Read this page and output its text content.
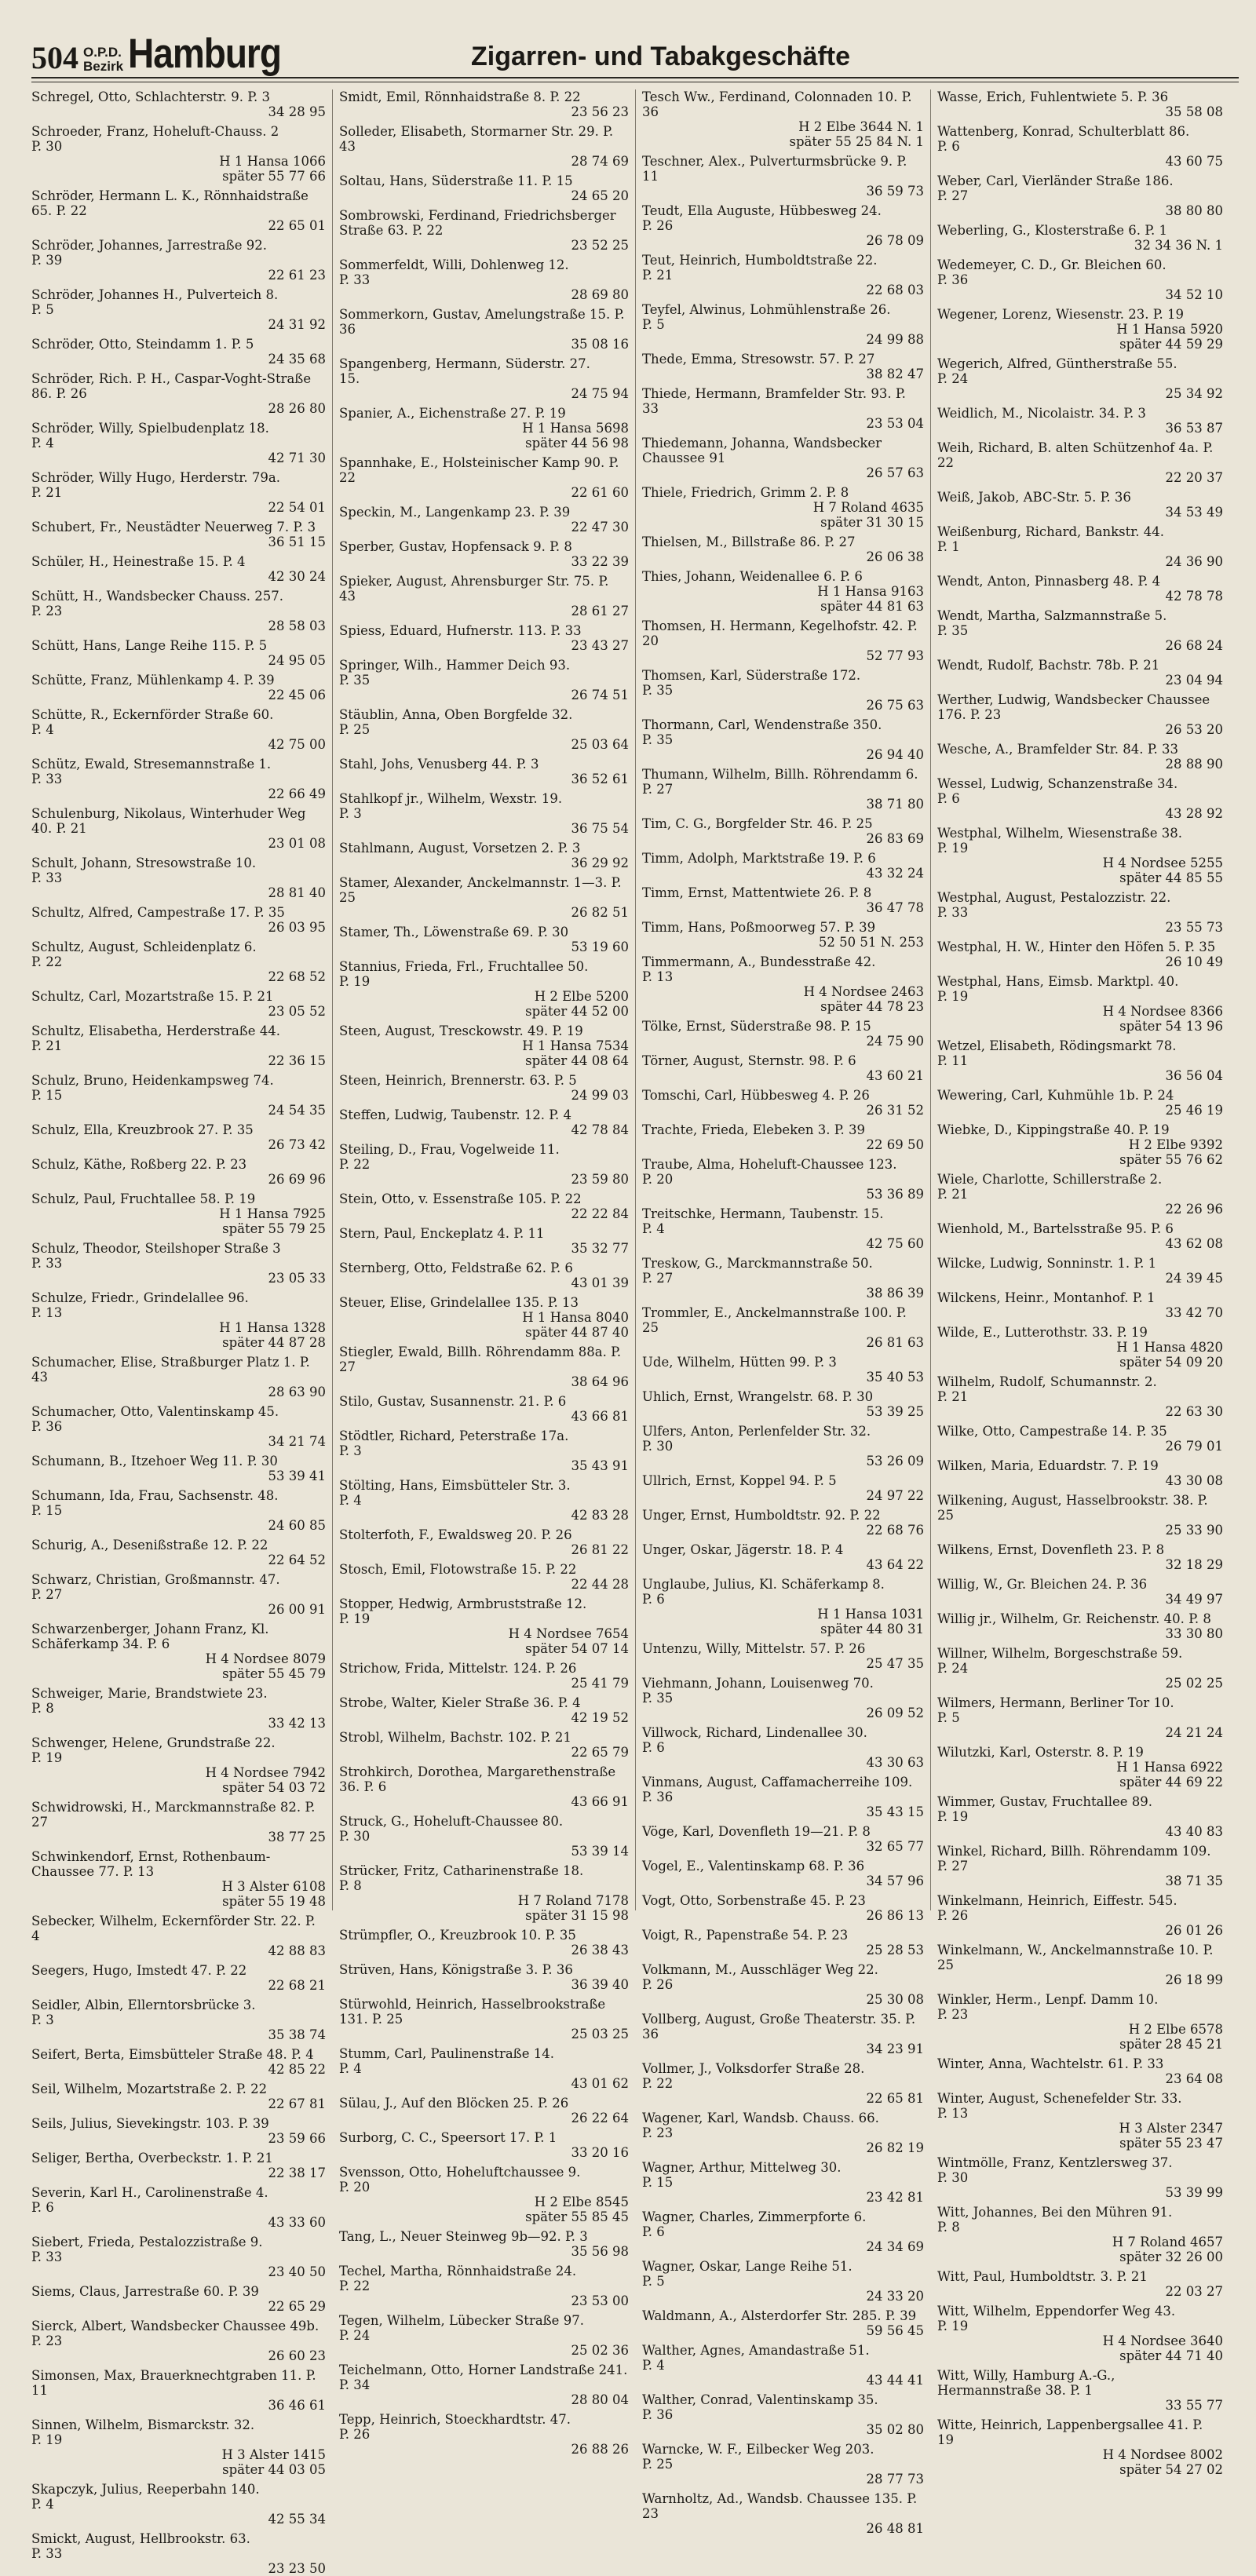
504 O.P.D.
Bezirk Hamburg	Zigarren- und Tabakgeschäfte
Schregel, Otto, Schlachterstr. 9. P. 3
34 28 95
Schroeder, Franz, Hoheluft-Chauss. 2
P. 30
H 1 Hansa 1066
später 55 77 66
Schröder, Hermann L. K., Rönnhaidstraße 65. P. 22
22 65 01
Schröder, Johannes, Jarrestraße 92.
P. 39
22 61 23
Schröder, Johannes H., Pulverteich 8.
P. 5
24 31 92
Schröder, Otto, Steindamm 1. P. 5
24 35 68
Schröder, Rich. P. H., Caspar-Voght-Straße 86. P. 26
28 26 80
Schröder, Willy, Spielbudenplatz 18.
P. 4
42 71 30
Schröder, Willy Hugo, Herderstr. 79a.
P. 21
22 54 01
Schubert, Fr., Neustädter Neuerweg 7. P. 3
36 51 15
Schüler, H., Heinestraße 15. P. 4
42 30 24
Schütt, H., Wandsbecker Chauss. 257.
P. 23
28 58 03
Schütt, Hans, Lange Reihe 115. P. 5
24 95 05
Schütte, Franz, Mühlenkamp 4. P. 39
22 45 06
Schütte, R., Eckernförder Straße 60.
P. 4
42 75 00
Schütz, Ewald, Stresemannstraße 1.
P. 33
22 66 49
Schulenburg, Nikolaus, Winterhuder Weg 40. P. 21
23 01 08
Schult, Johann, Stresowstraße 10.
P. 33
28 81 40
Schultz, Alfred, Campestraße 17. P. 35
26 03 95
Schultz, August, Schleidenplatz 6.
P. 22
22 68 52
Schultz, Carl, Mozartstraße 15. P. 21
23 05 52
Schultz, Elisabetha, Herderstraße 44.
P. 21
22 36 15
Schulz, Bruno, Heidenkampsweg 74.
P. 15
24 54 35
Schulz, Ella, Kreuzbrook 27. P. 35
26 73 42
Schulz, Käthe, Roßberg 22. P. 23
26 69 96
Schulz, Paul, Fruchtallee 58. P. 19
H 1 Hansa 7925
später 55 79 25
Schulz, Theodor, Steilshoper Straße 3
P. 33
23 05 33
Schulze, Friedr., Grindelallee 96.
P. 13
H 1 Hansa 1328
später 44 87 28
Schumacher, Elise, Straßburger Platz 1. P. 43
28 63 90
Schumacher, Otto, Valentinskamp 45.
P. 36
34 21 74
Schumann, B., Itzehoer Weg 11. P. 30
53 39 41
Schumann, Ida, Frau, Sachsenstr. 48.
P. 15
24 60 85
Schurig, A., Desenißstraße 12. P. 22
22 64 52
Schwarz, Christian, Großmannstr. 47.
P. 27
26 00 91
Schwarzenberger, Johann Franz, Kl. Schäferkamp 34. P. 6
H 4 Nordsee 8079
später 55 45 79
Schweiger, Marie, Brandstwiete 23.
P. 8
33 42 13
Schwenger, Helene, Grundstraße 22.
P. 19
H 4 Nordsee 7942
später 54 03 72
Schwidrowski, H., Marckmannstraße 82. P. 27
38 77 25
Schwinkendorf, Ernst, Rothenbaum-Chaussee 77. P. 13
H 3 Alster 6108
später 55 19 48
Sebecker, Wilhelm, Eckernförder Str. 22. P. 4
42 88 83
Seegers, Hugo, Imstedt 47. P. 22
22 68 21
Seidler, Albin, Ellerntorsbrücke 3.
P. 3
35 38 74
Seifert, Berta, Eimsbütteler Straße 48. P. 4
42 85 22
Seil, Wilhelm, Mozartstraße 2. P. 22
22 67 81
Seils, Julius, Sievekingstr. 103. P. 39
23 59 66
Seliger, Bertha, Overbeckstr. 1. P. 21
22 38 17
Severin, Karl H., Carolinenstraße 4.
P. 6
43 33 60
Siebert, Frieda, Pestalozzistraße 9.
P. 33
23 40 50
Siems, Claus, Jarrestraße 60. P. 39
22 65 29
Sierck, Albert, Wandsbecker Chaussee 49b. P. 23
26 60 23
Simonsen, Max, Brauerknechtgraben 11. P. 11
36 46 61
Sinnen, Wilhelm, Bismarckstr. 32.
P. 19
H 3 Alster 1415
später 44 03 05
Skapczyk, Julius, Reeperbahn 140.
P. 4
42 55 34
Smickt, August, Hellbrookstr. 63.
P. 33
23 23 50
Smidt, Emil, Rönnhaidstraße 8. P. 22
23 56 23
Solleder, Elisabeth, Stormarner Str. 29. P. 43
28 74 69
Soltau, Hans, Süderstraße 11. P. 15
24 65 20
Sombrowski, Ferdinand, Friedrichsberger Straße 63. P. 22
23 52 25
Sommerfeldt, Willi, Dohlenweg 12.
P. 33
28 69 80
Sommerkorn, Gustav, Amelungstraße 15. P. 36
35 08 16
Spangenberg, Hermann, Süderstr. 27.
15.
24 75 94
Spanier, A., Eichenstraße 27. P. 19
H 1 Hansa 5698
später 44 56 98
Spannhake, E., Holsteinischer Kamp 90. P. 22
22 61 60
Speckin, M., Langenkamp 23. P. 39
22 47 30
Sperber, Gustav, Hopfensack 9. P. 8
33 22 39
Spieker, August, Ahrensburger Str. 75. P. 43
28 61 27
Spiess, Eduard, Hufnerstr. 113. P. 33
23 43 27
Springer, Wilh., Hammer Deich 93.
P. 35
26 74 51
Stäublin, Anna, Oben Borgfelde 32.
P. 25
25 03 64
Stahl, Johs, Venusberg 44. P. 3
36 52 61
Stahlkopf jr., Wilhelm, Wexstr. 19.
P. 3
36 75 54
Stahlmann, August, Vorsetzen 2. P. 3
36 29 92
Stamer, Alexander, Anckelmannstr. 1—3. P. 25
26 82 51
Stamer, Th., Löwenstraße 69. P. 30
53 19 60
Stannius, Frieda, Frl., Fruchtallee 50.
P. 19
H 2 Elbe 5200
später 44 52 00
Steen, August, Tresckowstr. 49. P. 19
H 1 Hansa 7534
später 44 08 64
Steen, Heinrich, Brennerstr. 63. P. 5
24 99 03
Steffen, Ludwig, Taubenstr. 12. P. 4
42 78 84
Steiling, D., Frau, Vogelweide 11.
P. 22
23 59 80
Stein, Otto, v. Essenstraße 105. P. 22
22 22 84
Stern, Paul, Enckeplatz 4. P. 11
35 32 77
Sternberg, Otto, Feldstraße 62. P. 6
43 01 39
Steuer, Elise, Grindelallee 135. P. 13
H 1 Hansa 8040
später 44 87 40
Stiegler, Ewald, Billh. Röhrendamm 88a. P. 27
38 64 96
Stilo, Gustav, Susannenstr. 21. P. 6
43 66 81
Stödtler, Richard, Peterstraße 17a.
P. 3
35 43 91
Stölting, Hans, Eimsbütteler Str. 3.
P. 4
42 83 28
Stolterfoth, F., Ewaldsweg 20. P. 26
26 81 22
Stosch, Emil, Flotowstraße 15. P. 22
22 44 28
Stopper, Hedwig, Armbruststraße 12.
P. 19
H 4 Nordsee 7654
später 54 07 14
Strichow, Frida, Mittelstr. 124. P. 26
25 41 79
Strobe, Walter, Kieler Straße 36. P. 4
42 19 52
Strobl, Wilhelm, Bachstr. 102. P. 21
22 65 79
Strohkirch, Dorothea, Margarethenstraße 36. P. 6
43 66 91
Struck, G., Hoheluft-Chaussee 80.
P. 30
53 39 14
Strücker, Fritz, Catharinenstraße 18.
P. 8
H 7 Roland 7178
später 31 15 98
Strümpfler, O., Kreuzbrook 10. P. 35
26 38 43
Strüven, Hans, Königstraße 3. P. 36
36 39 40
Stürwohld, Heinrich, Hasselbrookstraße 131. P. 25
25 03 25
Stumm, Carl, Paulinenstraße 14.
P. 4
43 01 62
Sülau, J., Auf den Blöcken 25. P. 26
26 22 64
Surborg, C. C., Speersort 17. P. 1
33 20 16
Svensson, Otto, Hoheluftchaussee 9.
P. 20
H 2 Elbe 8545
später 55 85 45
Tang, L., Neuer Steinweg 9b—92. P. 3
35 56 98
Techel, Martha, Rönnhaidstraße 24.
P. 22
23 53 00
Tegen, Wilhelm, Lübecker Straße 97.
P. 24
25 02 36
Teichelmann, Otto, Horner Landstraße 241. P. 34
28 80 04
Tepp, Heinrich, Stoeckhardtstr. 47.
P. 26
26 88 26
Tesch Ww., Ferdinand, Colonnaden 10. P. 36
H 2 Elbe 3644 N. 1
später 55 25 84 N. 1
Teschner, Alex., Pulverturmsbrücke 9. P. 11
36 59 73
Teudt, Ella Auguste, Hübbesweg 24.
P. 26
26 78 09
Teut, Heinrich, Humboldtstraße 22.
P. 21
22 68 03
Teyfel, Alwinus, Lohmühlenstraße 26.
P. 5
24 99 88
Thede, Emma, Stresowstr. 57. P. 27
38 82 47
Thiede, Hermann, Bramfelder Str. 93. P. 33
23 53 04
Thiedemann, Johanna, Wandsbecker Chaussee 91
26 57 63
Thiele, Friedrich, Grimm 2. P. 8
H 7 Roland 4635
später 31 30 15
Thielsen, M., Billstraße 86. P. 27
26 06 38
Thies, Johann, Weidenallee 6. P. 6
H 1 Hansa 9163
später 44 81 63
Thomsen, H. Hermann, Kegelhofstr. 42. P. 20
52 77 93
Thomsen, Karl, Süderstraße 172.
P. 35
26 75 63
Thormann, Carl, Wendenstraße 350.
P. 35
26 94 40
Thumann, Wilhelm, Billh. Röhrendamm 6. P. 27
38 71 80
Tim, C. G., Borgfelder Str. 46. P. 25
26 83 69
Timm, Adolph, Marktstraße 19. P. 6
43 32 24
Timm, Ernst, Mattentwiete 26. P. 8
36 47 78
Timm, Hans, Poßmoorweg 57. P. 39
52 50 51 N. 253
Timmermann, A., Bundesstraße 42.
P. 13
H 4 Nordsee 2463
später 44 78 23
Tölke, Ernst, Süderstraße 98. P. 15
24 75 90
Törner, August, Sternstr. 98. P. 6
43 60 21
Tomschi, Carl, Hübbesweg 4. P. 26
26 31 52
Trachte, Frieda, Elebeken 3. P. 39
22 69 50
Traube, Alma, Hoheluft-Chaussee 123.
P. 20
53 36 89
Treitschke, Hermann, Taubenstr. 15.
P. 4
42 75 60
Treskow, G., Marckmannstraße 50.
P. 27
38 86 39
Trommler, E., Anckelmannstraße 100. P. 25
26 81 63
Ude, Wilhelm, Hütten 99. P. 3
35 40 53
Uhlich, Ernst, Wrangelstr. 68. P. 30
53 39 25
Ulfers, Anton, Perlenfelder Str. 32.
P. 30
53 26 09
Ullrich, Ernst, Koppel 94. P. 5
24 97 22
Unger, Ernst, Humboldtstr. 92. P. 22
22 68 76
Unger, Oskar, Jägerstr. 18. P. 4
43 64 22
Unglaube, Julius, Kl. Schäferkamp 8.
P. 6
H 1 Hansa 1031
später 44 80 31
Untenzu, Willy, Mittelstr. 57. P. 26
25 47 35
Viehmann, Johann, Louisenweg 70.
P. 35
26 09 52
Villwock, Richard, Lindenallee 30.
P. 6
43 30 63
Vinmans, August, Caffamacherreihe 109. P. 36
35 43 15
Vöge, Karl, Dovenfleth 19—21. P. 8
32 65 77
Vogel, E., Valentinskamp 68. P. 36
34 57 96
Vogt, Otto, Sorbenstraße 45. P. 23
26 86 13
Voigt, R., Papenstraße 54. P. 23
25 28 53
Volkmann, M., Ausschläger Weg 22.
P. 26
25 30 08
Vollberg, August, Große Theaterstr. 35. P. 36
34 23 91
Vollmer, J., Volksdorfer Straße 28.
P. 22
22 65 81
Wagener, Karl, Wandsb. Chauss. 66.
P. 23
26 82 19
Wagner, Arthur, Mittelweg 30.
P. 15
23 42 81
Wagner, Charles, Zimmerpforte 6.
P. 6
24 34 69
Wagner, Oskar, Lange Reihe 51.
P. 5
24 33 20
Waldmann, A., Alsterdorfer Str. 285. P. 39
59 56 45
Walther, Agnes, Amandastraße 51.
P. 4
43 44 41
Walther, Conrad, Valentinskamp 35.
P. 36
35 02 80
Warncke, W. F., Eilbecker Weg 203.
P. 25
28 77 73
Warnholtz, Ad., Wandsb. Chaussee 135. P. 23
26 48 81
Wasse, Erich, Fuhlentwiete 5. P. 36
35 58 08
Wattenberg, Konrad, Schulterblatt 86.
P. 6
43 60 75
Weber, Carl, Vierländer Straße 186.
P. 27
38 80 80
Weberling, G., Klosterstraße 6. P. 1
32 34 36 N. 1
Wedemeyer, C. D., Gr. Bleichen 60.
P. 36
34 52 10
Wegener, Lorenz, Wiesenstr. 23. P. 19
H 1 Hansa 5920
später 44 59 29
Wegerich, Alfred, Güntherstraße 55.
P. 24
25 34 92
Weidlich, M., Nicolaistr. 34. P. 3
36 53 87
Weih, Richard, B. alten Schützenhof 4a. P. 22
22 20 37
Weiß, Jakob, ABC-Str. 5. P. 36
34 53 49
Weißenburg, Richard, Bankstr. 44.
P. 1
24 36 90
Wendt, Anton, Pinnasberg 48. P. 4
42 78 78
Wendt, Martha, Salzmannstraße 5.
P. 35
26 68 24
Wendt, Rudolf, Bachstr. 78b. P. 21
23 04 94
Werther, Ludwig, Wandsbecker Chaussee 176. P. 23
26 53 20
Wesche, A., Bramfelder Str. 84. P. 33
28 88 90
Wessel, Ludwig, Schanzenstraße 34.
P. 6
43 28 92
Westphal, Wilhelm, Wiesenstraße 38.
P. 19
H 4 Nordsee 5255
später 44 85 55
Westphal, August, Pestalozzistr. 22.
P. 33
23 55 73
Westphal, H. W., Hinter den Höfen 5. P. 35
26 10 49
Westphal, Hans, Eimsb. Marktpl. 40.
P. 19
H 4 Nordsee 8366
später 54 13 96
Wetzel, Elisabeth, Rödingsmarkt 78.
P. 11
36 56 04
Wewering, Carl, Kuhmühle 1b. P. 24
25 46 19
Wiebke, D., Kippingstraße 40. P. 19
H 2 Elbe 9392
später 55 76 62
Wiele, Charlotte, Schillerstraße 2.
P. 21
22 26 96
Wienhold, M., Bartelsstraße 95. P. 6
43 62 08
Wilcke, Ludwig, Sonninstr. 1. P. 1
24 39 45
Wilckens, Heinr., Montanhof. P. 1
33 42 70
Wilde, E., Lutterothstr. 33. P. 19
H 1 Hansa 4820
später 54 09 20
Wilhelm, Rudolf, Schumannstr. 2.
P. 21
22 63 30
Wilke, Otto, Campestraße 14. P. 35
26 79 01
Wilken, Maria, Eduardstr. 7. P. 19
43 30 08
Wilkening, August, Hasselbrookstr. 38. P. 25
25 33 90
Wilkens, Ernst, Dovenfleth 23. P. 8
32 18 29
Willig, W., Gr. Bleichen 24. P. 36
34 49 97
Willig jr., Wilhelm, Gr. Reichenstr. 40. P. 8
33 30 80
Willner, Wilhelm, Borgeschstraße 59.
P. 24
25 02 25
Wilmers, Hermann, Berliner Tor 10.
P. 5
24 21 24
Wilutzki, Karl, Osterstr. 8. P. 19
H 1 Hansa 6922
später 44 69 22
Wimmer, Gustav, Fruchtallee 89.
P. 19
43 40 83
Winkel, Richard, Billh. Röhrendamm 109. P. 27
38 71 35
Winkelmann, Heinrich, Eiffestr. 545.
P. 26
26 01 26
Winkelmann, W., Anckelmannstraße 10. P. 25
26 18 99
Winkler, Herm., Lenpf. Damm 10.
P. 23
H 2 Elbe 6578
später 28 45 21
Winter, Anna, Wachtelstr. 61. P. 33
23 64 08
Winter, August, Schenefelder Str. 33.
P. 13
H 3 Alster 2347
später 55 23 47
Wintmölle, Franz, Kentzlersweg 37.
P. 30
53 39 99
Witt, Johannes, Bei den Mühren 91.
P. 8
H 7 Roland 4657
später 32 26 00
Witt, Paul, Humboldtstr. 3. P. 21
22 03 27
Witt, Wilhelm, Eppendorfer Weg 43.
P. 19
H 4 Nordsee 3640
später 44 71 40
Witt, Willy, Hamburg A.-G., Hermannstraße 38. P. 1
33 55 77
Witte, Heinrich, Lappenbergsallee 41. P. 19
H 4 Nordsee 8002
später 54 27 02
